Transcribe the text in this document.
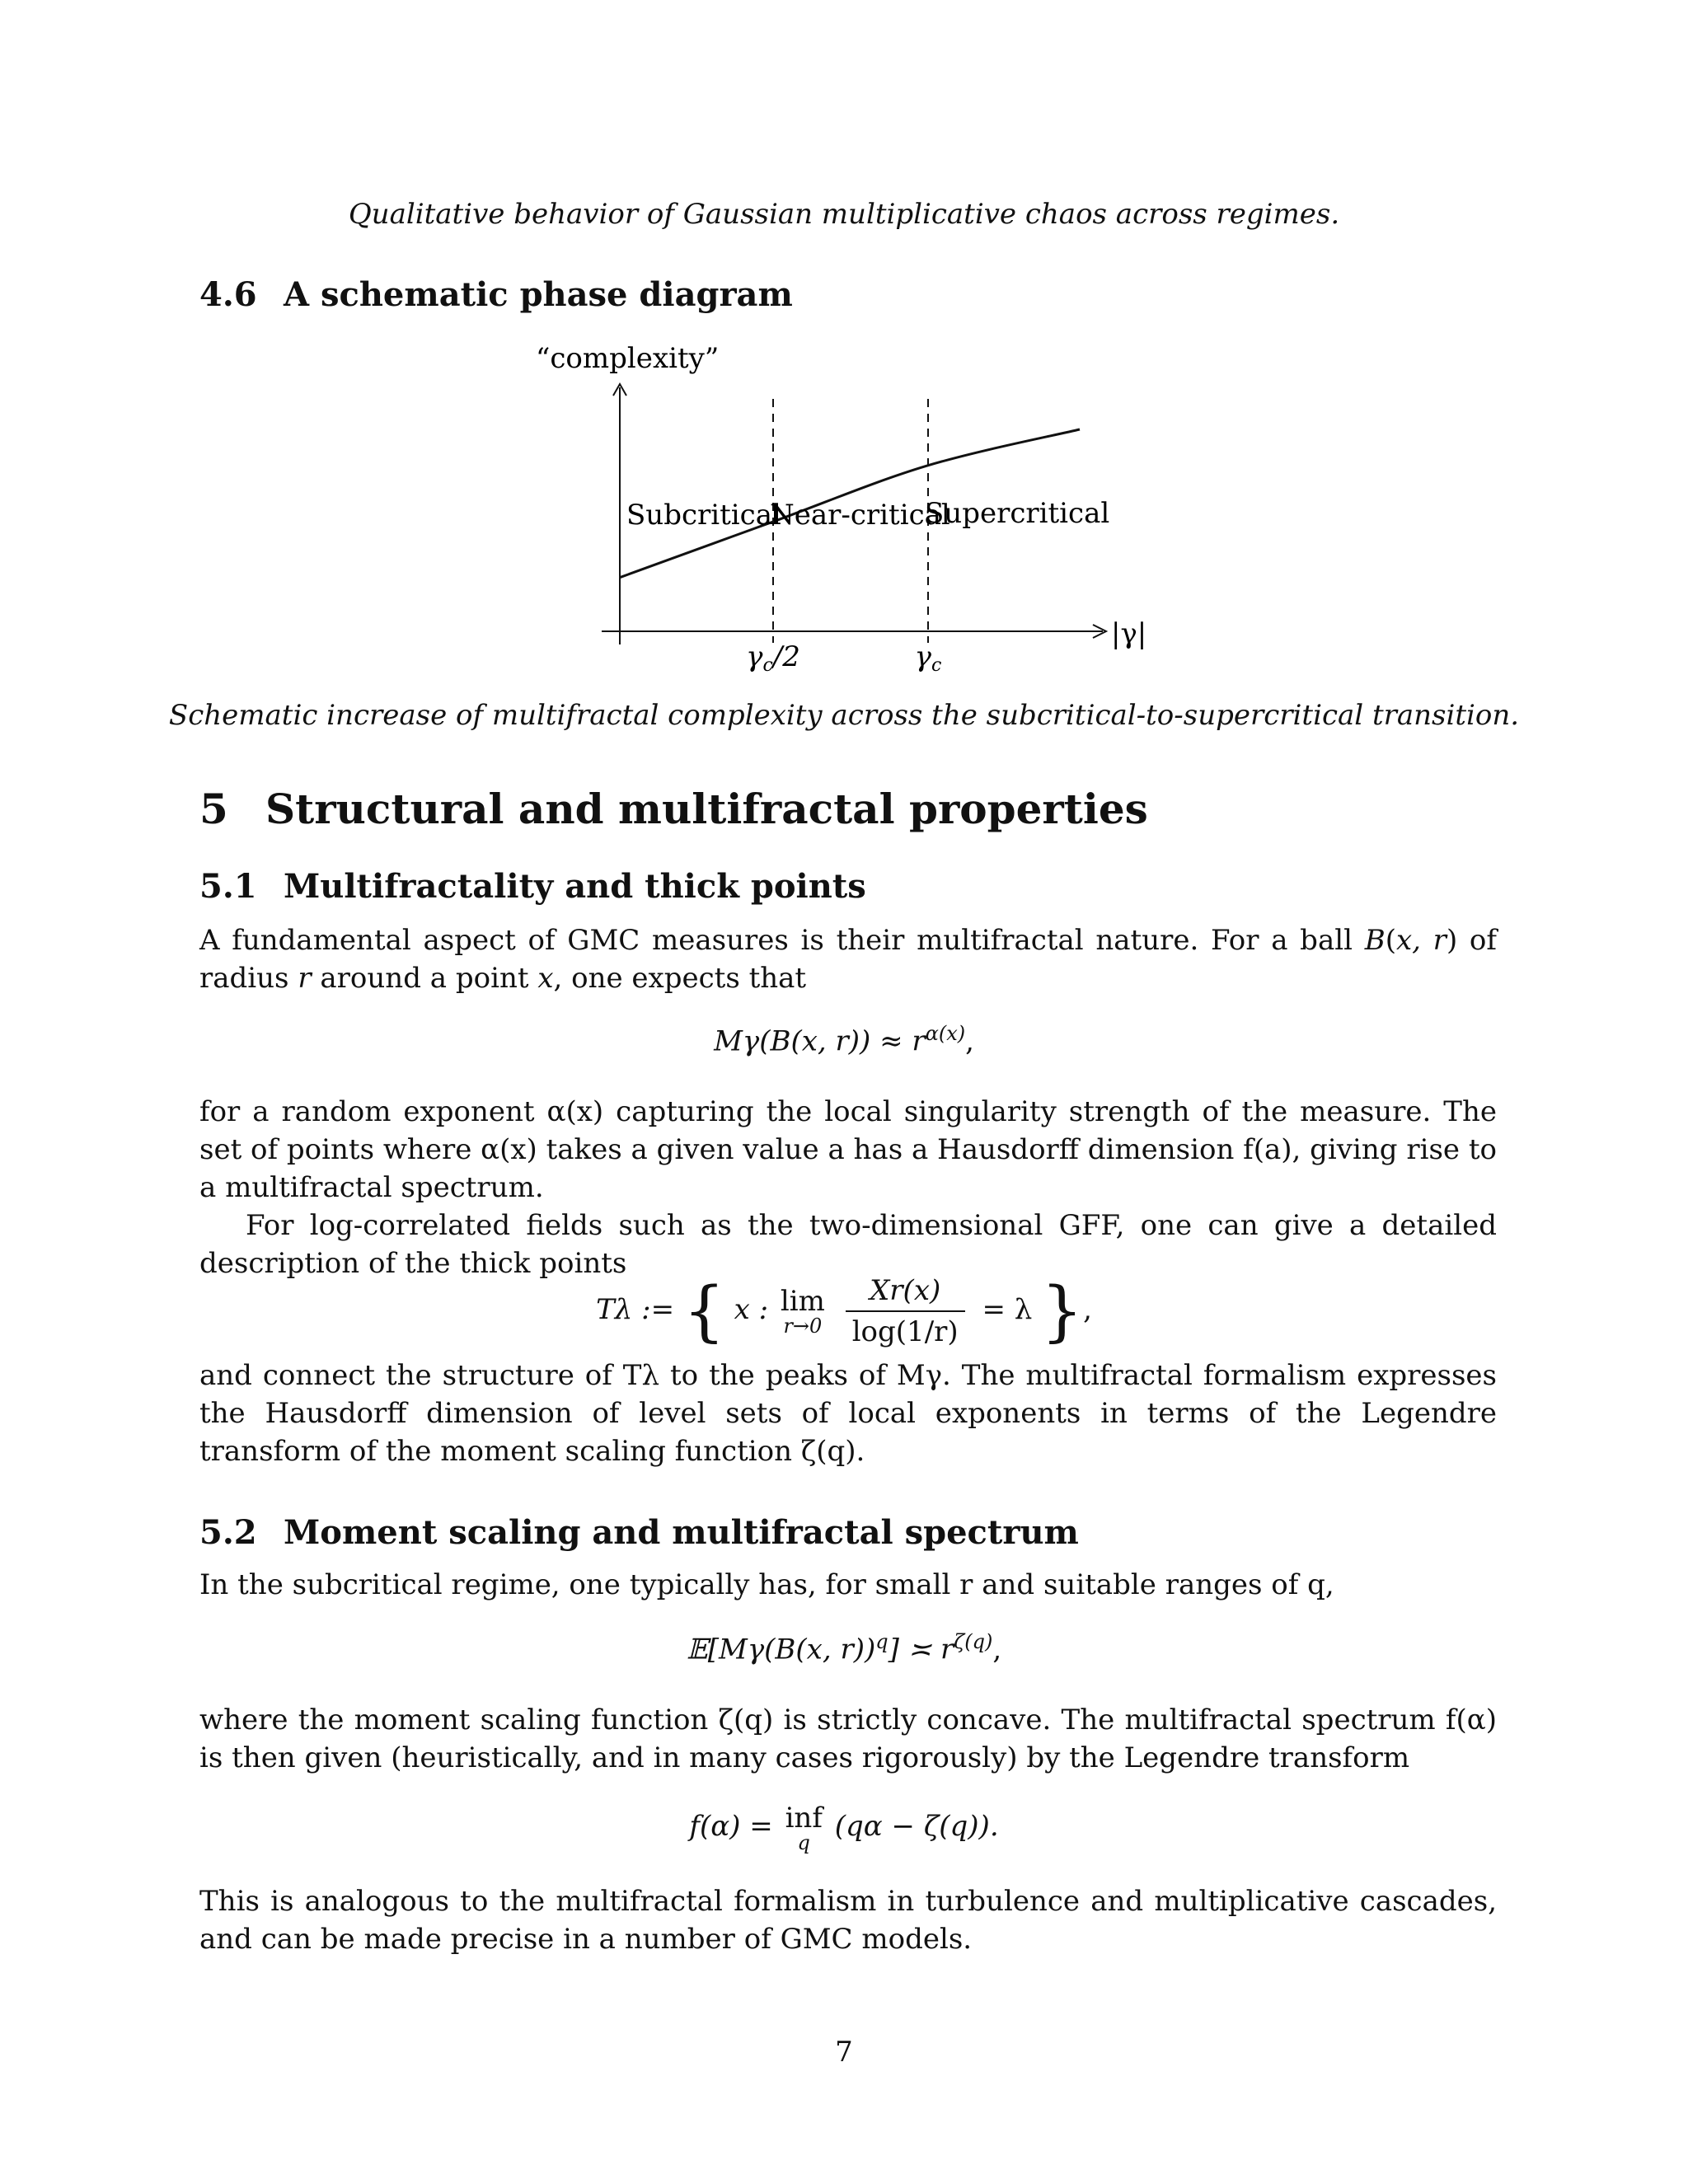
Qualitative behavior of Gaussian multiplicative chaos across regimes.
4.6 A schematic phase diagram
“complexity”
|γ|
Subcritical
Near-critical
Supercritical
γc/2	γc
Schematic increase of multifractal complexity across the subcritical-to-supercritical transition.
5 Structural and multifractal properties
5.1 Multifractality and thick points
A fundamental aspect of GMC measures is their multifractal nature. For a ball B(x, r) of radius r around a point x, one expects that
Mγ(B(x, $r)) \approx r^{\alpha(x)}$,
for a random exponent α(x) capturing the local singularity strength of the measure. The set of points where α(x) takes a given value a has a Hausdorff dimension f(a), giving rise to a multifractal spectrum.
For log-correlated fields such as the two-dimensional GFF, one can give a detailed description of the thick points
Tλ := { x : lim
r→0
$\frac{Xr(x)}{\log(1/r)} = \lambda$ },
and connect the structure of Tλ to the peaks of Mγ. The multifractal formalism expresses the Hausdorff dimension of level sets of local exponents in terms of the Legendre transform of the moment scaling function ζ(q).
5.2 Moment scaling and multifractal spectrum
In the subcritical regime, one typically has, for small r and suitable ranges of q,
𝔼[Mγ(B(x, r))$^q$] ≍ $r^{\zeta(q)}$,
where the moment scaling function ζ(q) is strictly concave. The multifractal spectrum f(α) is then given (heuristically, and in many cases rigorously) by the Legendre transform
f(α) = inf
q (qα − ζ(q)).
This is analogous to the multifractal formalism in turbulence and multiplicative cascades, and can be made precise in a number of GMC models.
7
